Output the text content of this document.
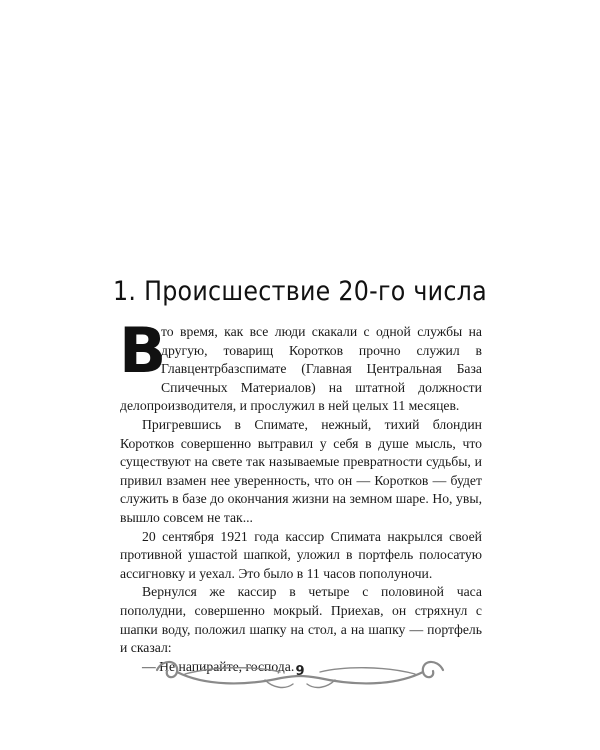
1. Происшествие 20-го числа

В
то время, как все люди скакали с одной службы на другую, товарищ Коротков прочно служил в Главцентрбазспимате (Главная Центральная База Спичечных Материалов) на штатной должности делопроизводителя, и прослужил в ней целых 11 месяцев.

Пригревшись в Спимате, нежный, тихий блондин Коротков совершенно вытравил у себя в душе мысль, что существуют на свете так называемые превратности судьбы, и привил взамен нее уверенность, что он — Коротков — будет служить в базе до окончания жизни на земном шаре. Но, увы, вышло совсем не так...

20 сентября 1921 года кассир Спимата накрылся своей противной ушастой шапкой, уложил в портфель полосатую ассигновку и уехал. Это было в 11 часов пополуночи.

Вернулся же кассир в четыре с половиной часа пополудни, совершенно мокрый. Приехав, он стряхнул с шапки воду, положил шапку на стол, а на шапку — портфель и сказал:

— Не напирайте, господа. 9
